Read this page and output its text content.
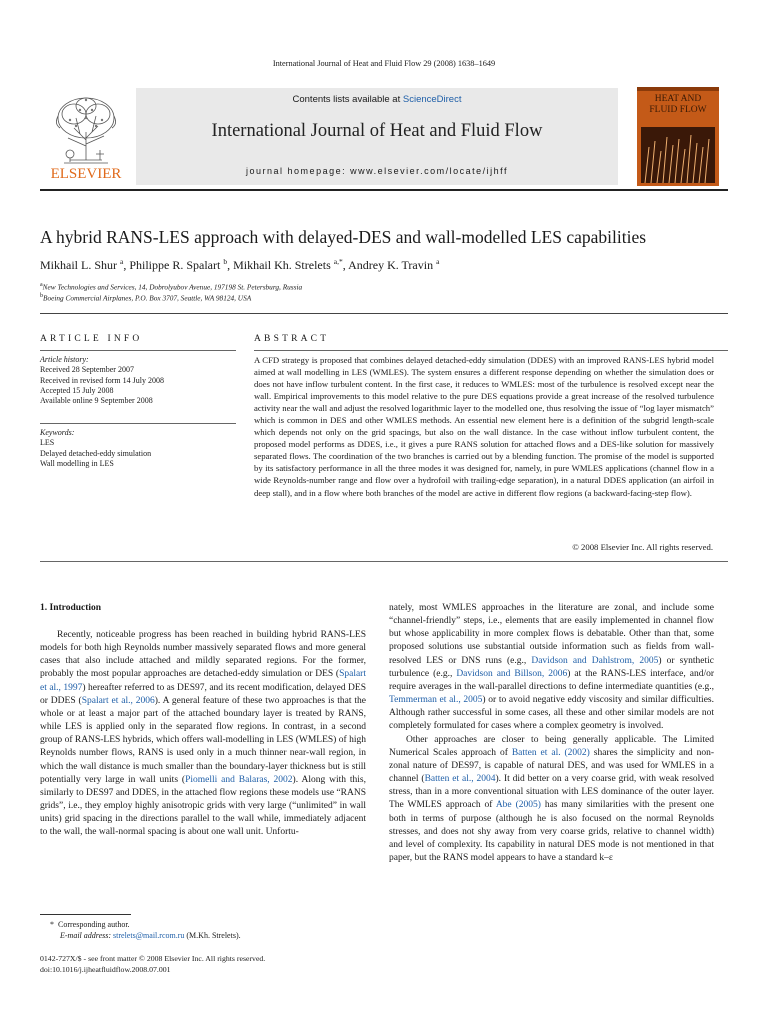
International Journal of Heat and Fluid Flow 29 (2008) 1638–1649
ELSEVIER
Contents lists available at ScienceDirect
International Journal of Heat and Fluid Flow
journal homepage: www.elsevier.com/locate/ijhff
HEAT AND
FLUID FLOW
A hybrid RANS-LES approach with delayed-DES and wall-modelled LES capabilities
Mikhail L. Shur $^a$, Philippe R. Spalart $^b$, Mikhail Kh. Strelets $^{a,*}$, Andrey K. Travin $^a$
$^a$New Technologies and Services, 14, Dobrolyubov Avenue, 197198 St. Petersburg, Russia
$^b$Boeing Commercial Airplanes, P.O. Box 3707, Seattle, WA 98124, USA
ARTICLE INFO
Article history:
Received 28 September 2007
Received in revised form 14 July 2008
Accepted 15 July 2008
Available online 9 September 2008
Keywords:
LES
Delayed detached-eddy simulation
Wall modelling in LES
ABSTRACT
A CFD strategy is proposed that combines delayed detached-eddy simulation (DDES) with an improved RANS-LES hybrid model aimed at wall modelling in LES (WMLES). The system ensures a different response depending on whether the simulation does or does not have inflow turbulent content. In the first case, it reduces to WMLES: most of the turbulence is resolved except near the wall. Empirical improvements to this model relative to the pure DES equations provide a great increase of the resolved turbulence activity near the wall and adjust the resolved logarithmic layer to the modelled one, thus resolving the issue of “log layer mismatch” which is common in DES and other WMLES methods. An essential new element here is a definition of the subgrid length-scale which depends not only on the grid spacings, but also on the wall distance. In the case without inflow turbulent content, the proposed model performs as DDES, i.e., it gives a pure RANS solution for attached flows and a DES-like solution for massively separated flows. The coordination of the two branches is carried out by a blending function. The promise of the model is supported by its satisfactory performance in all the three modes it was designed for, namely, in pure WMLES applications (channel flow in a wide Reynolds-number range and flow over a hydrofoil with trailing-edge separation), in a natural DDES application (an airfoil in deep stall), and in a flow where both branches of the model are active in different flow regions (a backward-facing-step flow).
© 2008 Elsevier Inc. All rights reserved.
1. Introduction

Recently, noticeable progress has been reached in building hybrid RANS-LES models for both high Reynolds number massively separated flows and more general cases that also include attached and mildly separated regions. For the former, probably the most popular approaches are detached-eddy simulation or DES (Spalart et al., 1997) hereafter referred to as DES97, and its recent modification, delayed DES or DDES (Spalart et al., 2006). A general feature of these two approaches is that the whole or at least a major part of the attached boundary layer is treated by RANS, while LES is applied only in the separated flow regions. In contrast, in a second group of RANS-LES hybrids, which offers wall-modelling in LES (WMLES) of high Reynolds number flows, RANS is used only in a much thinner near-wall region, in which the wall distance is much smaller than the boundary-layer thickness but is still potentially very large in wall units (Piomelli and Balaras, 2002). Along with this, similarly to DES97 and DDES, in the attached flow regions these models use “RANS grids”, i.e., they employ highly anisotropic grids with very large (“unlimited” in wall units) grid spacing in the directions parallel to the wall while, immediately adjacent to the wall, the wall-normal spacing is about one wall unit. Unfortu-

nately, most WMLES approaches in the literature are zonal, and include some “channel-friendly” steps, i.e., elements that are easily implemented in channel flow but whose applicability in more complex flows is debatable. Other than that, some proposed solutions use substantial outside information such as fields from wall-resolved LES or DNS runs (e.g., Davidson and Dahlstrom, 2005) or synthetic turbulence (e.g., Davidson and Billson, 2006) at the RANS-LES interface, and/or require averages in the wall-parallel directions to define intermediate quantities (e.g., Temmerman et al., 2005) or to avoid negative eddy viscosity and similar difficulties. Although rather successful in some cases, all these and other similar models are not completely formulated for cases where a complex geometry is involved.

Other approaches are closer to being generally applicable. The Limited Numerical Scales approach of Batten et al. (2002) shares the simplicity and non-zonal nature of DES97, is capable of natural DES, and was used for WMLES in a channel (Batten et al., 2004). It did better on a very coarse grid, with weak resolved stress, than in a more conventional situation with LES dominance of the outer layer. The WMLES approach of Abe (2005) has many similarities with the present one both in terms of purpose (although he is also focused on the normal Reynolds stresses, and does not shy away from very coarse grids, relative to channel width) and level of complexity. Its capability in natural DES mode is not mentioned in that paper, but the RANS model appears to have a standard k–ε

* Corresponding author.
E-mail address: strelets@mail.rcom.ru (M.Kh. Strelets).
0142-727X/$ - see front matter © 2008 Elsevier Inc. All rights reserved.
doi:10.1016/j.ijheatfluidflow.2008.07.001
